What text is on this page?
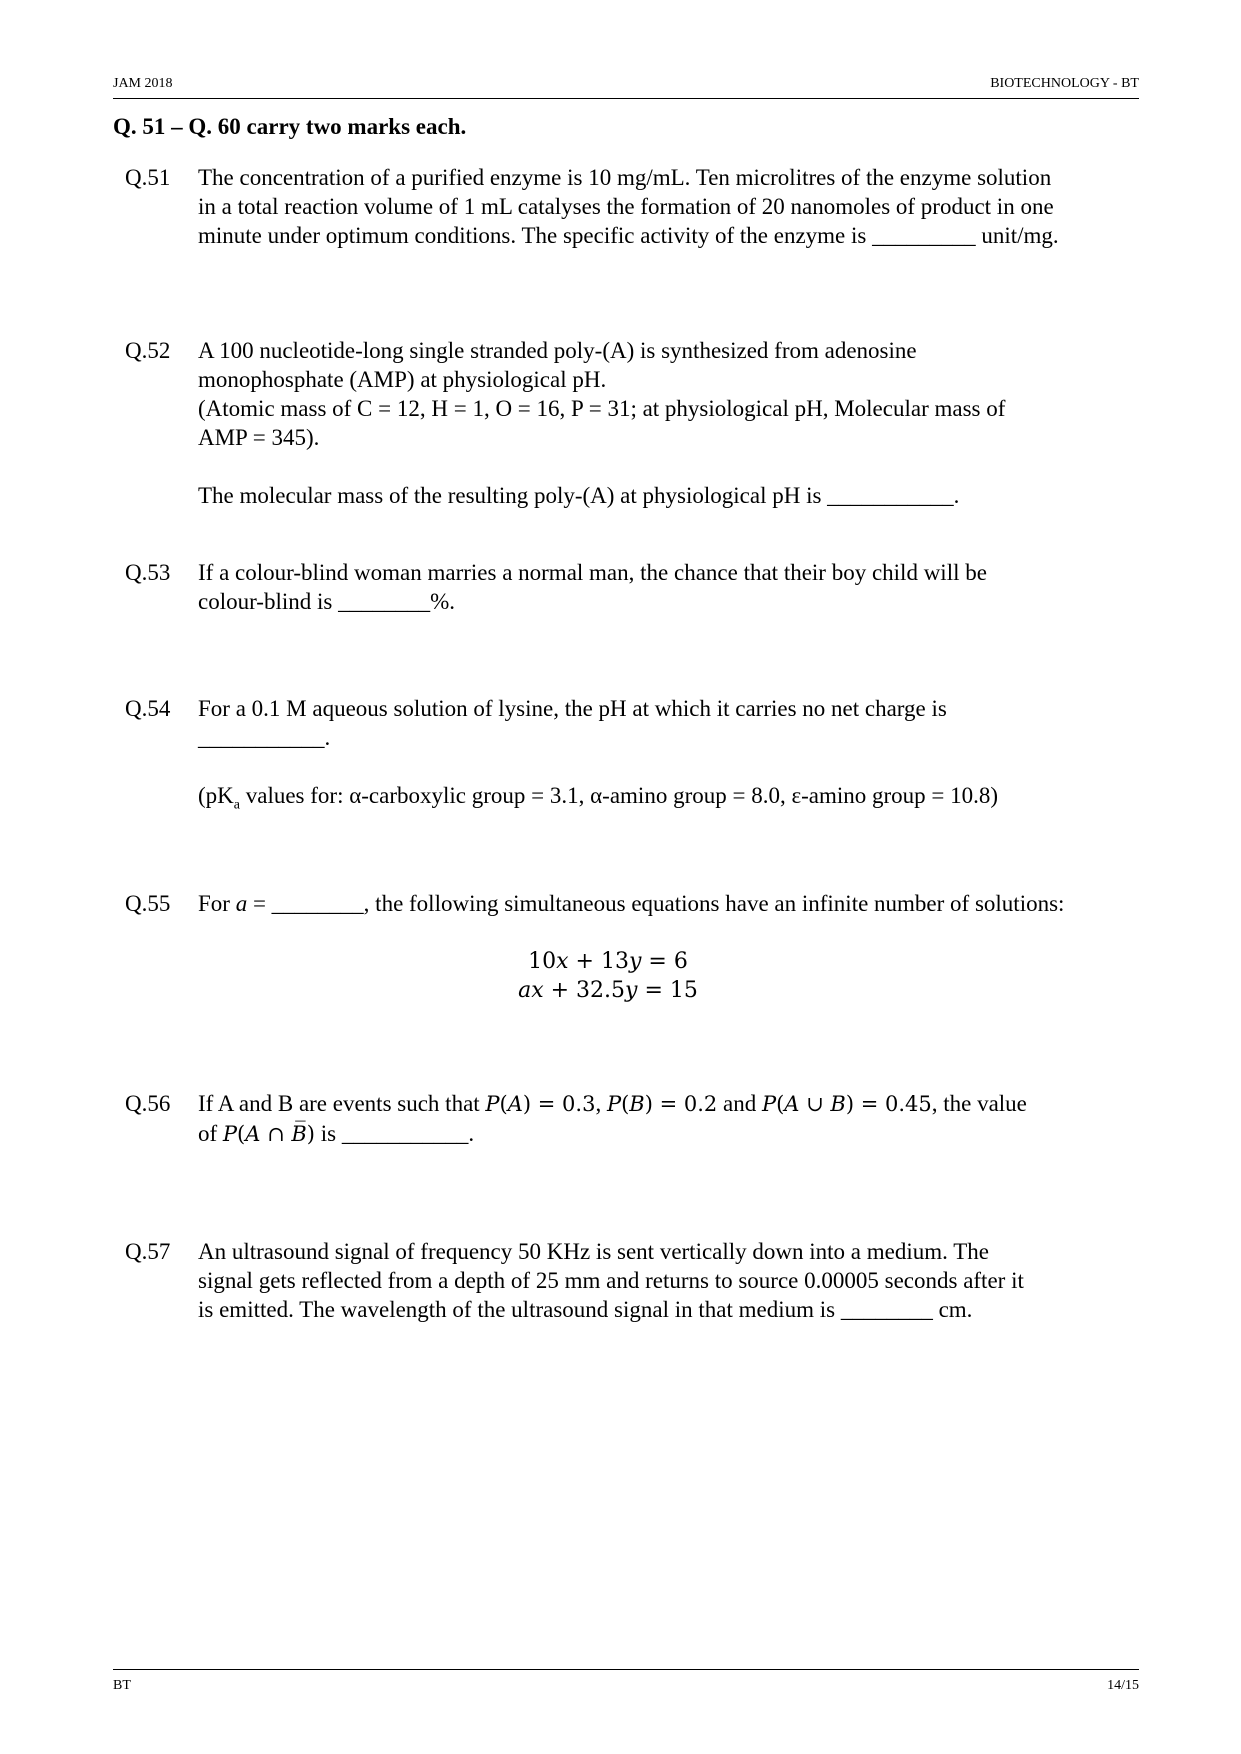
JAM 2018	BIOTECHNOLOGY - BT
Q. 51 – Q. 60 carry two marks each.
Q.51	The concentration of a purified enzyme is 10 mg/mL. Ten microlitres of the enzyme solution

in a total reaction volume of 1 mL catalyses the formation of 20 nanomoles of product in one

minute under optimum conditions. The specific activity of the enzyme is _________ unit/mg.

Q.52	A 100 nucleotide-long single stranded poly-(A) is synthesized from adenosine

monophosphate (AMP) at physiological pH.

(Atomic mass of C = 12, H = 1, O = 16, P = 31; at physiological pH, Molecular mass of

AMP = 345).

The molecular mass of the resulting poly-(A) at physiological pH is ___________.

Q.53	If a colour-blind woman marries a normal man, the chance that their boy child will be

colour-blind is ________%.

Q.54	For a 0.1 M aqueous solution of lysine, the pH at which it carries no net charge is

___________.

($pK_a$ values for: α-carboxylic group = 3.1, α-amino group = 8.0, ε-amino group = 10.8)

Q.55	For a = ________, the following simultaneous equations have an infinite number of solutions:

10𝑥 + 13𝑦 = 6
𝑎𝑥 + 32.5𝑦 = 15
Q.56	If A and B are events such that 𝑃(𝐴) = 0.3, 𝑃(𝐵) = 0.2 and 𝑃(𝐴 ∪ 𝐵) = 0.45, the value

of 𝑃(𝐴 ∩ 𝐵̅) is ___________.

Q.57	An ultrasound signal of frequency 50 KHz is sent vertically down into a medium. The

signal gets reflected from a depth of 25 mm and returns to source 0.00005 seconds after it

is emitted. The wavelength of the ultrasound signal in that medium is ________ cm.

BT	14/15
